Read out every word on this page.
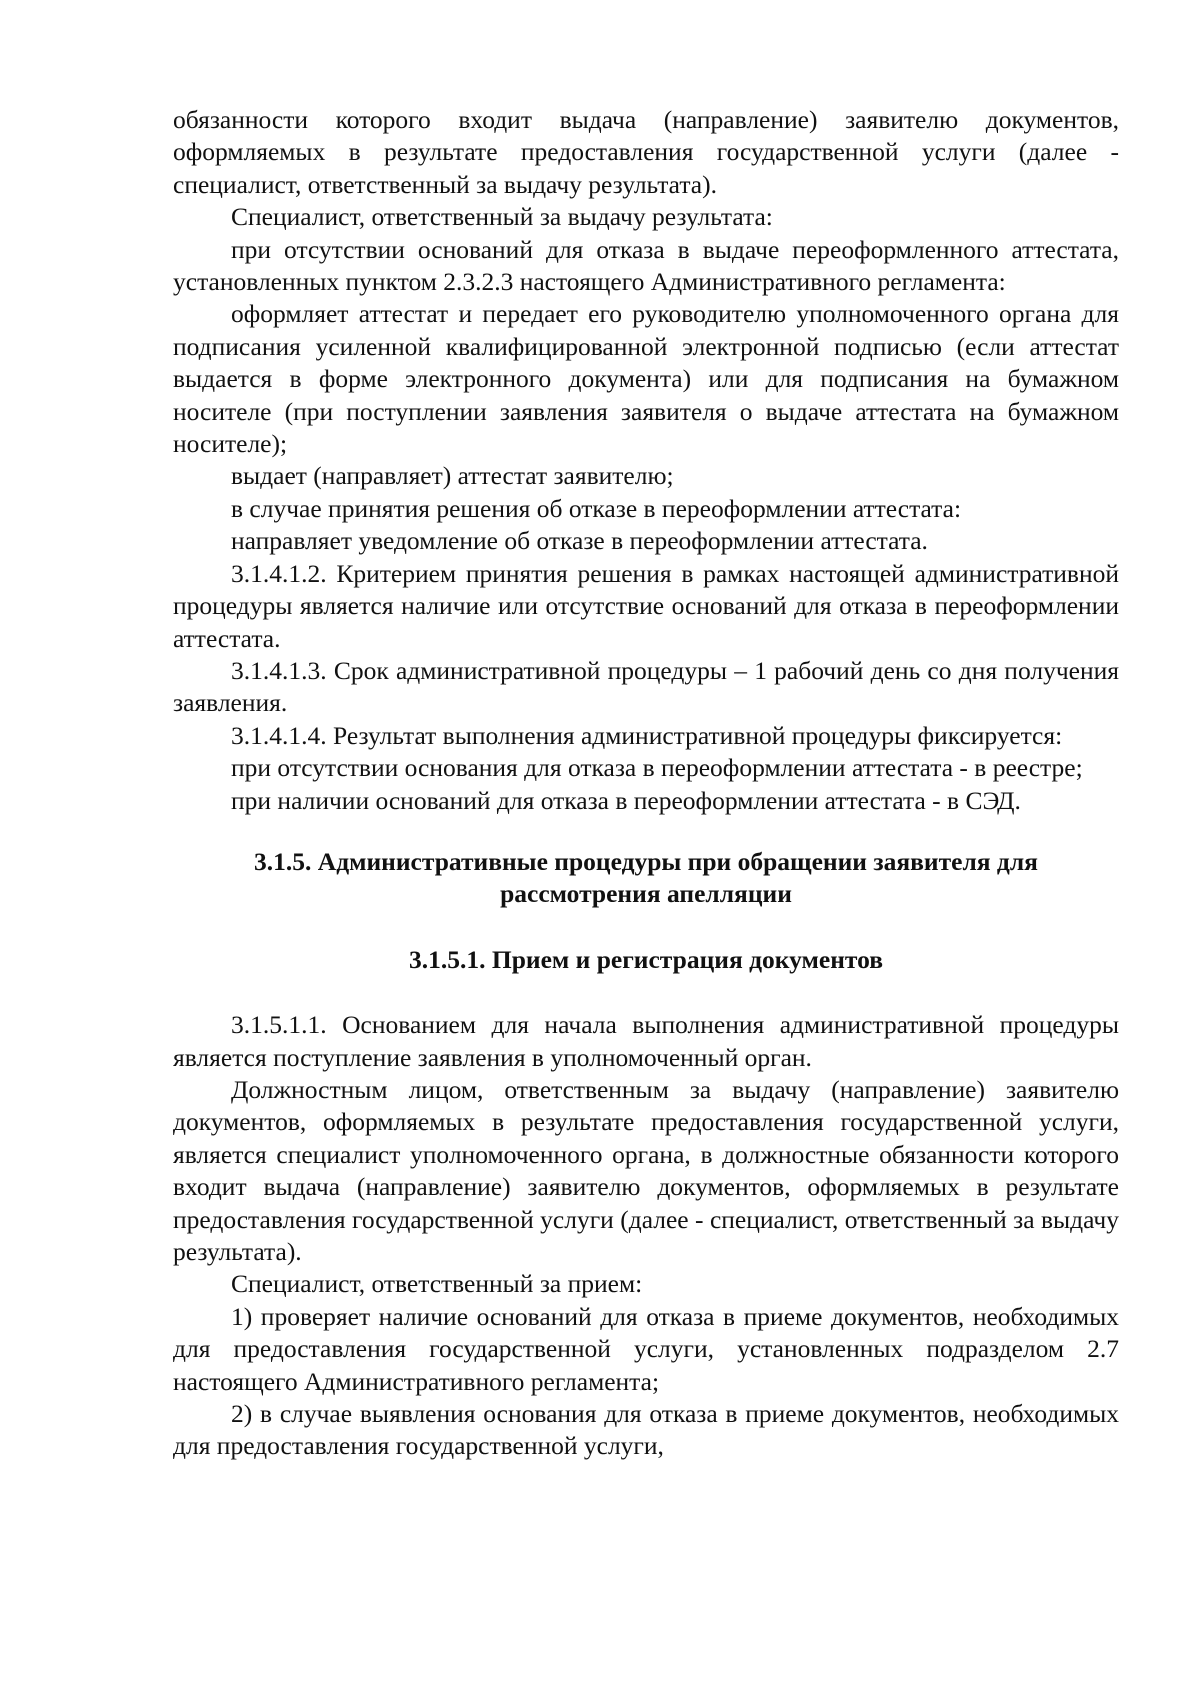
обязанности которого входит выдача (направление) заявителю документов, оформляемых в результате предоставления государственной услуги (далее - специалист, ответственный за выдачу результата).

Специалист, ответственный за выдачу результата:

при отсутствии оснований для отказа в выдаче переоформленного аттестата, установленных пунктом 2.3.2.3 настоящего Административного регламента:

оформляет аттестат и передает его руководителю уполномоченного органа для подписания усиленной квалифицированной электронной подписью (если аттестат выдается в форме электронного документа) или для подписания на бумажном носителе (при поступлении заявления заявителя о выдаче аттестата на бумажном носителе);

выдает (направляет) аттестат заявителю;

в случае принятия решения об отказе в переоформлении аттестата:

направляет уведомление об отказе в переоформлении аттестата.

3.1.4.1.2. Критерием принятия решения в рамках настоящей административной процедуры является наличие или отсутствие оснований для отказа в переоформлении аттестата.

3.1.4.1.3. Срок административной процедуры – 1 рабочий день со дня получения заявления.

3.1.4.1.4. Результат выполнения административной процедуры фиксируется:

при отсутствии основания для отказа в переоформлении аттестата - в реестре;

при наличии оснований для отказа в переоформлении аттестата - в СЭД.

3.1.5. Административные процедуры при обращении заявителя для
рассмотрения апелляции
3.1.5.1. Прием и регистрация документов

3.1.5.1.1. Основанием для начала выполнения административной процедуры является поступление заявления в уполномоченный орган.

Должностным лицом, ответственным за выдачу (направление) заявителю документов, оформляемых в результате предоставления государственной услуги, является специалист уполномоченного органа, в должностные обязанности которого входит выдача (направление) заявителю документов, оформляемых в результате предоставления государственной услуги (далее - специалист, ответственный за выдачу результата).

Специалист, ответственный за прием:

1) проверяет наличие оснований для отказа в приеме документов, необходимых для предоставления государственной услуги, установленных подразделом 2.7 настоящего Административного регламента;

2) в случае выявления основания для отказа в приеме документов, необходимых для предоставления государственной услуги,
